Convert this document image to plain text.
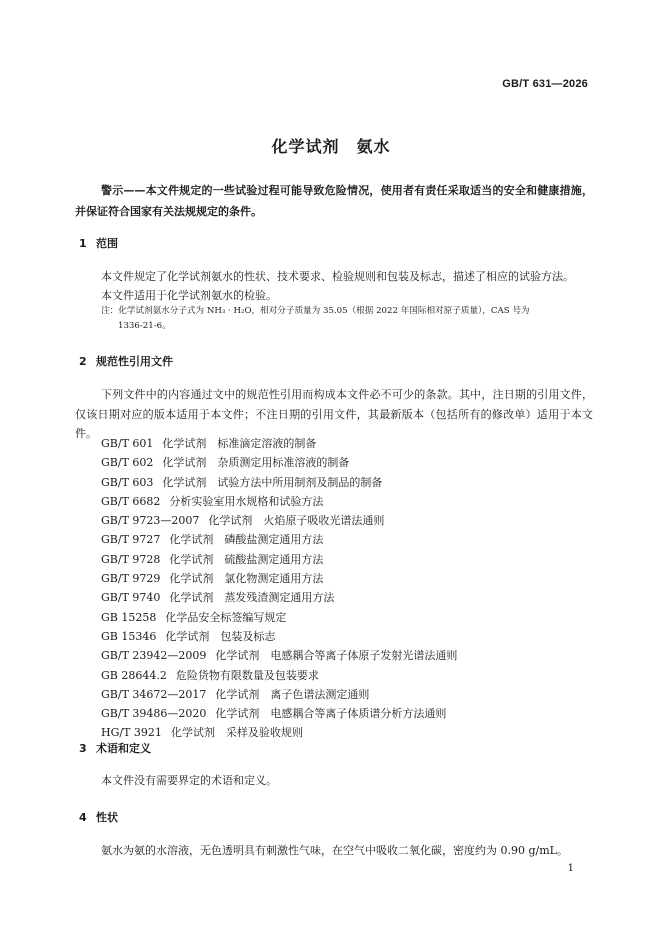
GB/T 631—2026
化学试剂　氨水

警示——本文件规定的一些试验过程可能导致危险情况，使用者有责任采取适当的安全和健康措施，并保证符合国家有关法规规定的条件。

1 范围

本文件规定了化学试剂氨水的性状、技术要求、检验规则和包装及标志，描述了相应的试验方法。

本文件适用于化学试剂氨水的检验。

注：化学试剂氨水分子式为 NH₃ · H₂O，相对分子质量为 35.05（根据 2022 年国际相对原子质量），CAS 号为
1336-21-6。

2 规范性引用文件

下列文件中的内容通过文中的规范性引用而构成本文件必不可少的条款。其中，注日期的引用文件，仅该日期对应的版本适用于本文件；不注日期的引用文件，其最新版本（包括所有的修改单）适用于本文件。

GB/T 601 化学试剂　标准滴定溶液的制备
GB/T 602 化学试剂　杂质测定用标准溶液的制备
GB/T 603 化学试剂　试验方法中所用制剂及制品的制备
GB/T 6682 分析实验室用水规格和试验方法
GB/T 9723—2007 化学试剂　火焰原子吸收光谱法通则
GB/T 9727 化学试剂　磷酸盐测定通用方法
GB/T 9728 化学试剂　硫酸盐测定通用方法
GB/T 9729 化学试剂　氯化物测定通用方法
GB/T 9740 化学试剂　蒸发残渣测定通用方法
GB 15258 化学品安全标签编写规定
GB 15346 化学试剂　包装及标志
GB/T 23942—2009 化学试剂　电感耦合等离子体原子发射光谱法通则
GB 28644.2 危险货物有限数量及包装要求
GB/T 34672—2017 化学试剂　离子色谱法测定通则
GB/T 39486—2020 化学试剂　电感耦合等离子体质谱分析方法通则
HG/T 3921 化学试剂　采样及验收规则
3 术语和定义

本文件没有需要界定的术语和定义。

4 性状

氨水为氨的水溶液，无色透明具有刺激性气味，在空气中吸收二氧化碳，密度约为 0.90 g/mL。

1
